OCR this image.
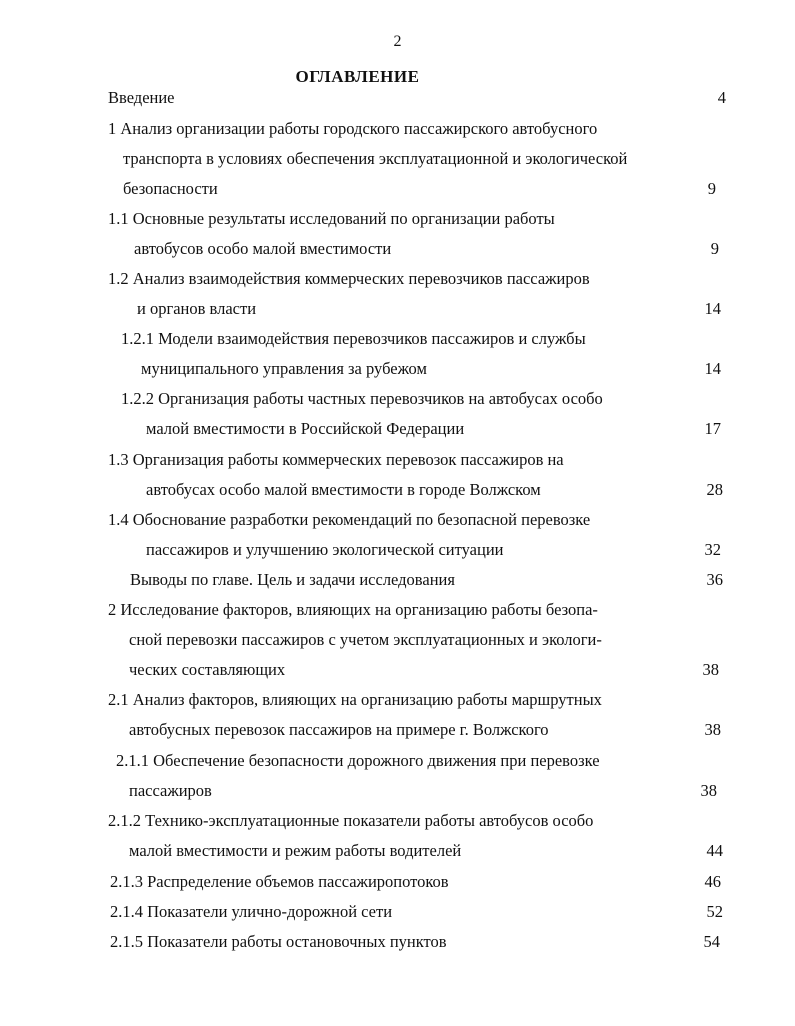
2
ОГЛАВЛЕНИЕ
Введение	4
1 Анализ организации работы городского пассажирского автобусного
транспорта в условиях обеспечения эксплуатационной и экологической
безопасности	9
1.1 Основные результаты исследований по организации работы
автобусов особо малой вместимости	9
1.2 Анализ взаимодействия коммерческих перевозчиков пассажиров
и органов власти	14
1.2.1 Модели взаимодействия перевозчиков пассажиров и службы
муниципального управления за рубежом	14
1.2.2 Организация работы частных перевозчиков на автобусах особо
малой вместимости в Российской Федерации	17
1.3 Организация работы коммерческих перевозок пассажиров на
автобусах особо малой вместимости в городе Волжском	28
1.4 Обоснование разработки рекомендаций по безопасной перевозке
пассажиров и улучшению экологической ситуации	32
Выводы по главе. Цель и задачи исследования	36
2 Исследование факторов, влияющих на организацию работы безопа-
сной перевозки пассажиров с учетом эксплуатационных и экологи-
ческих составляющих	38
2.1 Анализ факторов, влияющих на организацию работы маршрутных
автобусных перевозок пассажиров на примере г. Волжского	38
2.1.1 Обеспечение безопасности дорожного движения при перевозке
пассажиров	38
2.1.2 Технико-эксплуатационные показатели работы автобусов особо
малой вместимости и режим работы водителей	44
2.1.3 Распределение объемов пассажиропотоков	46
2.1.4 Показатели улично-дорожной сети	52
2.1.5 Показатели работы остановочных пунктов	54
